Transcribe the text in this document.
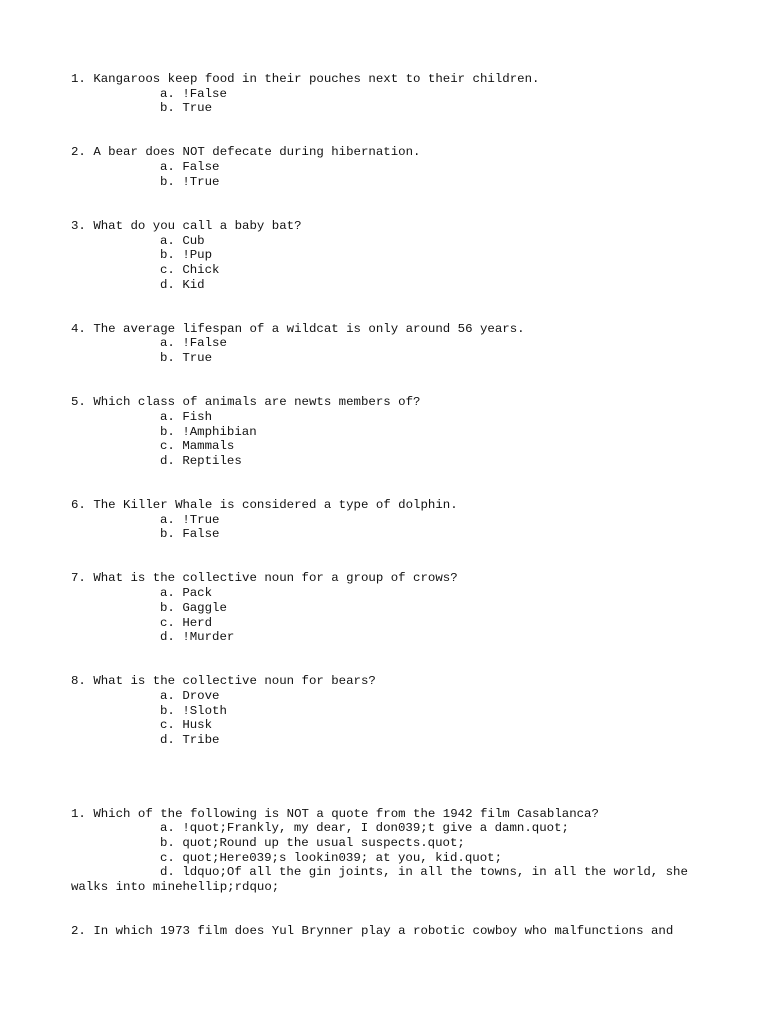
1. Kangaroos keep food in their pouches next to their children.
a. !False
b. True
2. A bear does NOT defecate during hibernation.
a. False
b. !True
3. What do you call a baby bat?
a. Cub
b. !Pup
c. Chick
d. Kid
4. The average lifespan of a wildcat is only around 56 years.
a. !False
b. True
5. Which class of animals are newts members of?
a. Fish
b. !Amphibian
c. Mammals
d. Reptiles
6. The Killer Whale is considered a type of dolphin.
a. !True
b. False
7. What is the collective noun for a group of crows?
a. Pack
b. Gaggle
c. Herd
d. !Murder
8. What is the collective noun for bears?
a. Drove
b. !Sloth
c. Husk
d. Tribe
1. Which of the following is NOT a quote from the 1942 film Casablanca?
a. !quot;Frankly, my dear, I don039;t give a damn.quot;
b. quot;Round up the usual suspects.quot;
c. quot;Here039;s lookin039; at you, kid.quot;
d. ldquo;Of all the gin joints, in all the towns, in all the world, she
walks into minehellip;rdquo;
2. In which 1973 film does Yul Brynner play a robotic cowboy who malfunctions and
